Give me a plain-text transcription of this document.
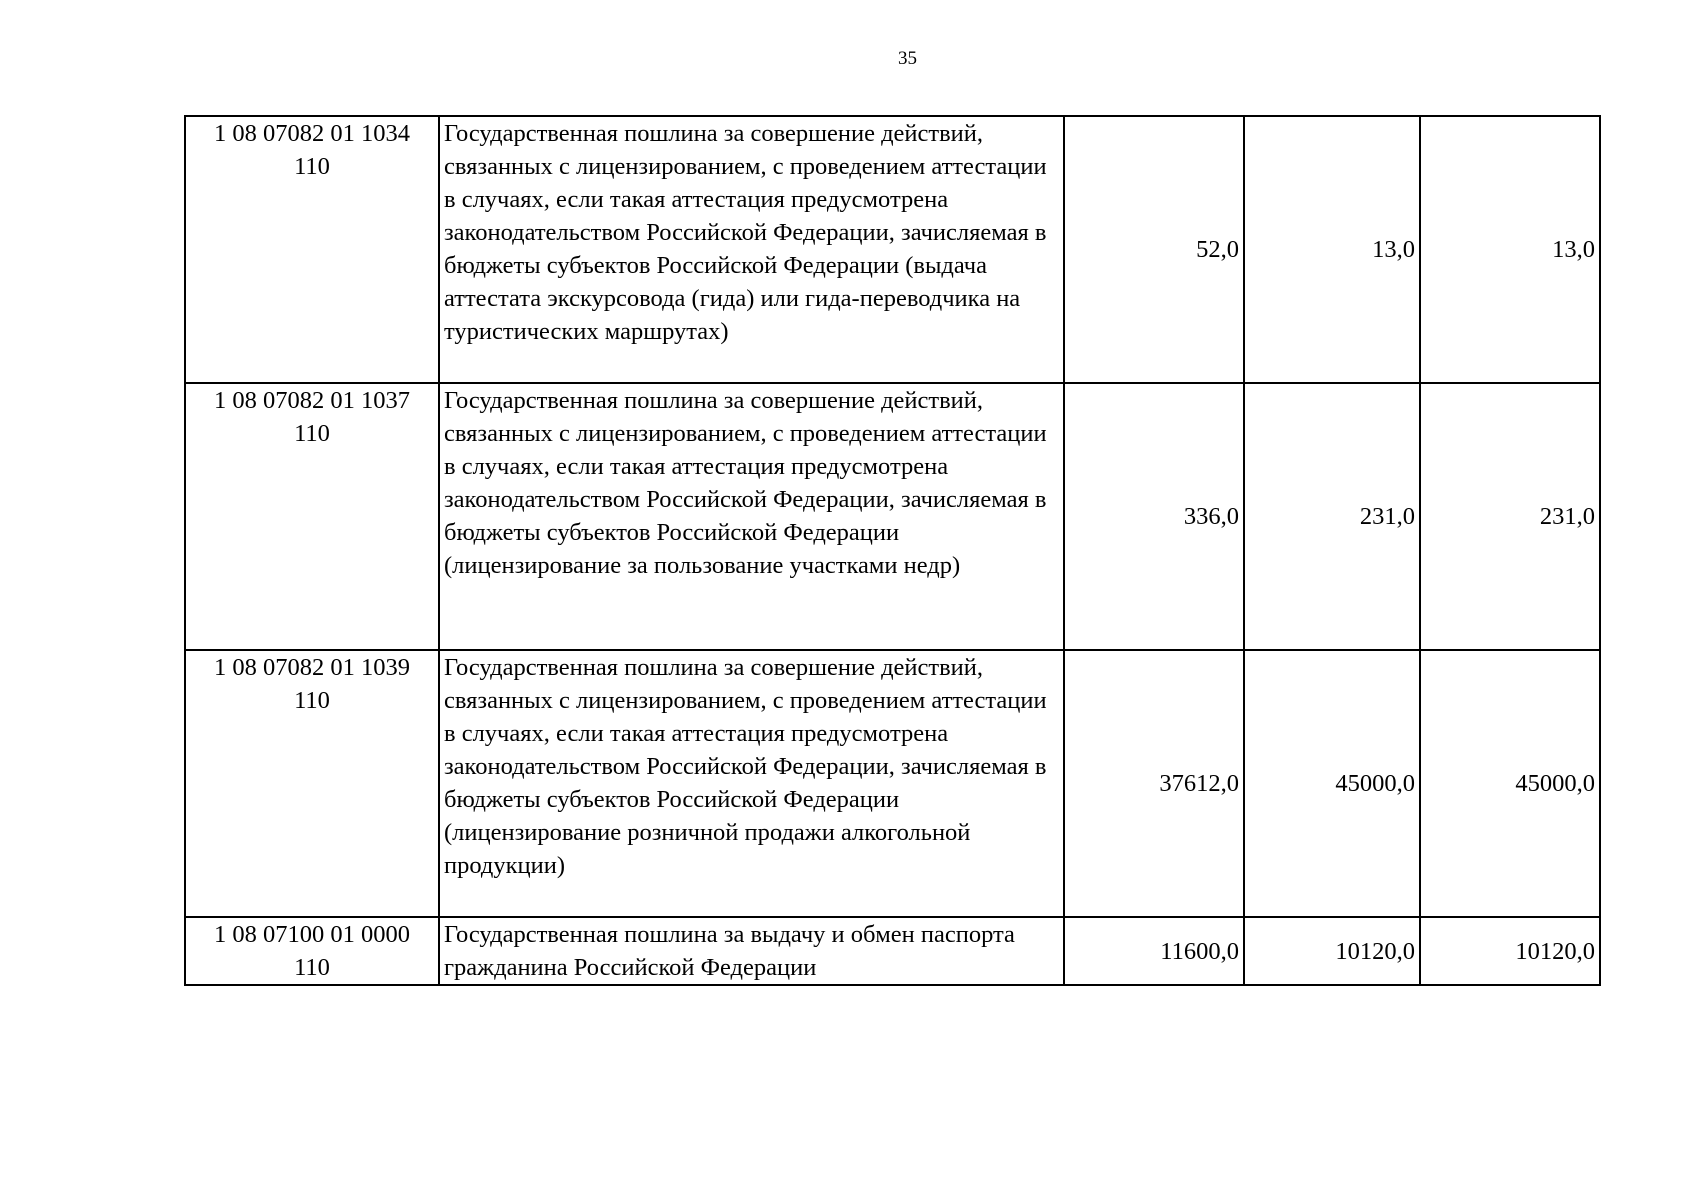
35
1 08 07082 01 1034
110	Государственная пошлина за совершение действий, связанных с лицензированием, с проведением аттестации в случаях, если такая аттестация предусмотрена законодательством Российской Федерации, зачисляемая в бюджеты субъектов Российской Федерации (выдача аттестата экскурсовода (гида) или гида-переводчика на туристических маршрутах)	52,0	13,0	13,0
1 08 07082 01 1037
110	Государственная пошлина за совершение действий, связанных с лицензированием, с проведением аттестации в случаях, если такая аттестация предусмотрена законодательством Российской Федерации, зачисляемая в бюджеты субъектов Российской Федерации (лицензирование за пользование участками недр)	336,0	231,0	231,0
1 08 07082 01 1039
110	Государственная пошлина за совершение действий, связанных с лицензированием, с проведением аттестации в случаях, если такая аттестация предусмотрена законодательством Российской Федерации, зачисляемая в бюджеты субъектов Российской Федерации (лицензирование розничной продажи алкогольной продукции)	37612,0	45000,0	45000,0
1 08 07100 01 0000
110	Государственная пошлина за выдачу и обмен паспорта гражданина Российской Федерации	11600,0	10120,0	10120,0
